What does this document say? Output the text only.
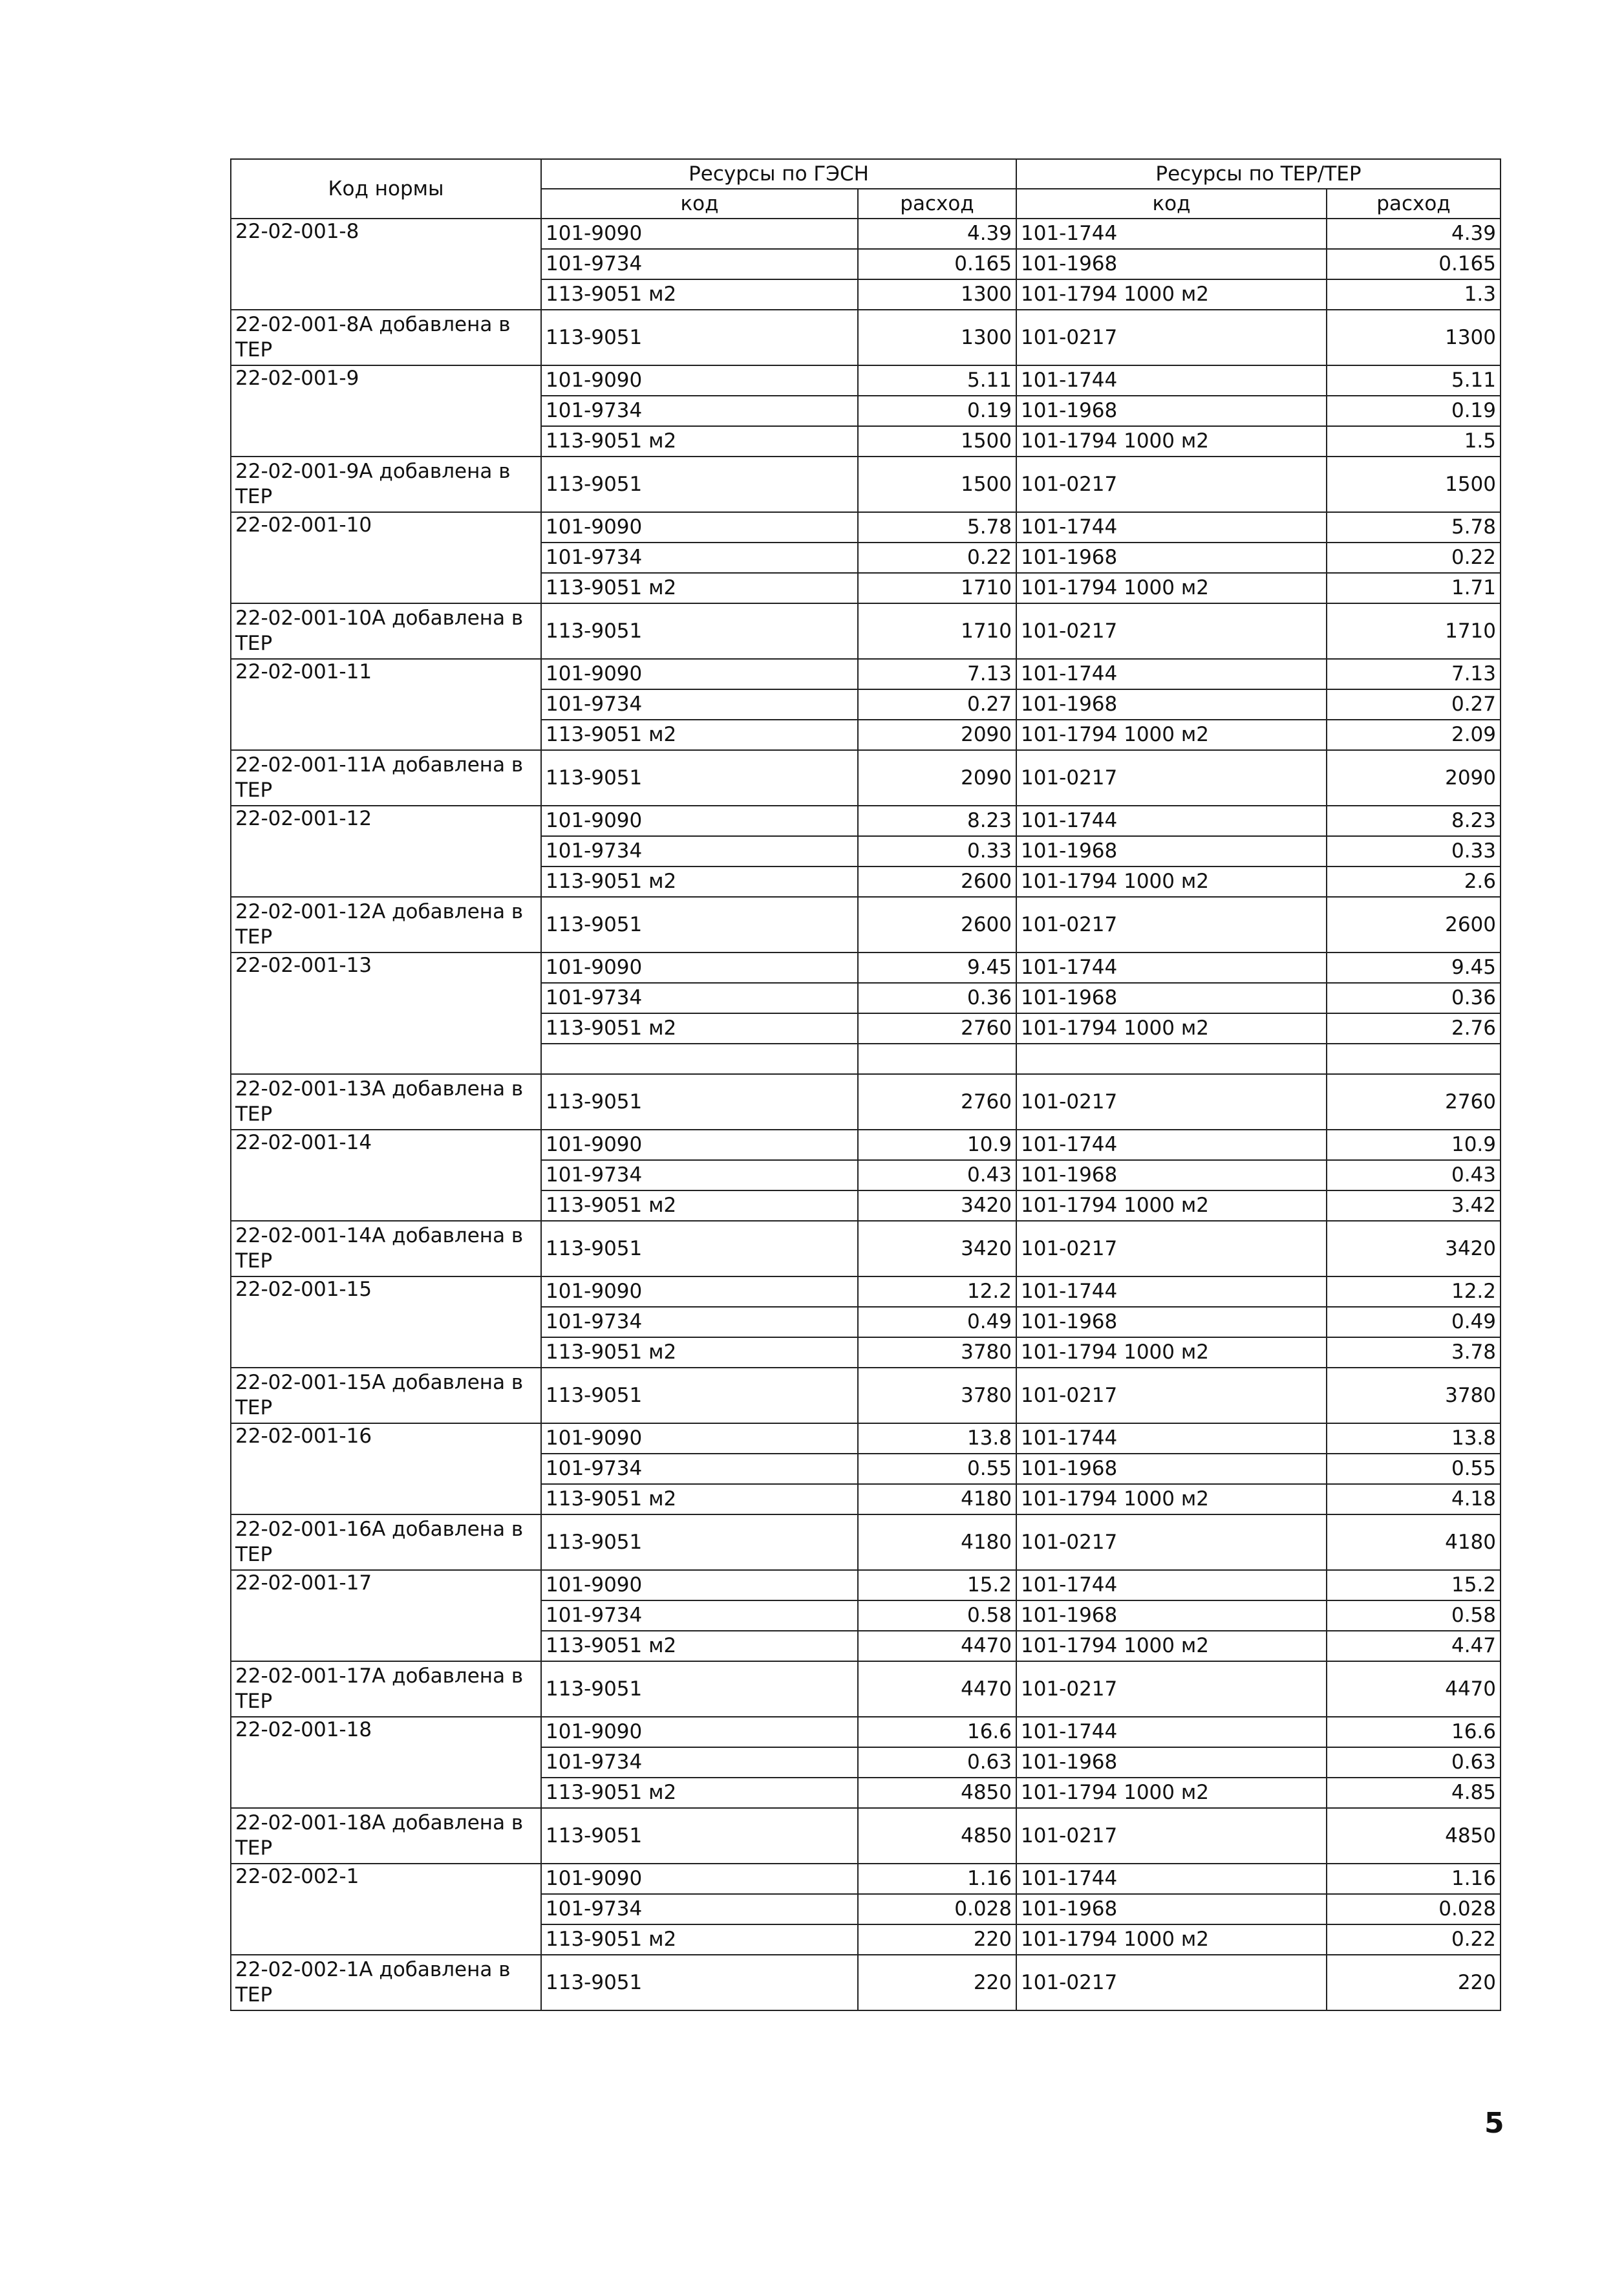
Код нормы	Ресурсы по ГЭСН		Ресурсы по ТЕР/ТЕР	
	код	расход	код	расход
22-02-001-8	101-9090	4.39	101-1744	4.39
	101-9734	0.165	101-1968	0.165
	113-9051 м2	1300	101-1794 1000 м2	1.3
22-02-001-8А добавлена в ТЕР	113-9051	1300	101-0217	1300
22-02-001-9	101-9090	5.11	101-1744	5.11
	101-9734	0.19	101-1968	0.19
	113-9051 м2	1500	101-1794 1000 м2	1.5
22-02-001-9А добавлена в ТЕР	113-9051	1500	101-0217	1500
22-02-001-10	101-9090	5.78	101-1744	5.78
	101-9734	0.22	101-1968	0.22
	113-9051 м2	1710	101-1794 1000 м2	1.71
22-02-001-10А добавлена в ТЕР	113-9051	1710	101-0217	1710
22-02-001-11	101-9090	7.13	101-1744	7.13
	101-9734	0.27	101-1968	0.27
	113-9051 м2	2090	101-1794 1000 м2	2.09
22-02-001-11А добавлена в ТЕР	113-9051	2090	101-0217	2090
22-02-001-12	101-9090	8.23	101-1744	8.23
	101-9734	0.33	101-1968	0.33
	113-9051 м2	2600	101-1794 1000 м2	2.6
22-02-001-12А добавлена в ТЕР	113-9051	2600	101-0217	2600
22-02-001-13	101-9090	9.45	101-1744	9.45
	101-9734	0.36	101-1968	0.36
	113-9051 м2	2760	101-1794 1000 м2	2.76

22-02-001-13А добавлена в ТЕР	113-9051	2760	101-0217	2760
22-02-001-14	101-9090	10.9	101-1744	10.9
	101-9734	0.43	101-1968	0.43
	113-9051 м2	3420	101-1794 1000 м2	3.42
22-02-001-14А добавлена в ТЕР	113-9051	3420	101-0217	3420
22-02-001-15	101-9090	12.2	101-1744	12.2
	101-9734	0.49	101-1968	0.49
	113-9051 м2	3780	101-1794 1000 м2	3.78
22-02-001-15А добавлена в ТЕР	113-9051	3780	101-0217	3780
22-02-001-16	101-9090	13.8	101-1744	13.8
	101-9734	0.55	101-1968	0.55
	113-9051 м2	4180	101-1794 1000 м2	4.18
22-02-001-16А добавлена в ТЕР	113-9051	4180	101-0217	4180
22-02-001-17	101-9090	15.2	101-1744	15.2
	101-9734	0.58	101-1968	0.58
	113-9051 м2	4470	101-1794 1000 м2	4.47
22-02-001-17А добавлена в ТЕР	113-9051	4470	101-0217	4470
22-02-001-18	101-9090	16.6	101-1744	16.6
	101-9734	0.63	101-1968	0.63
	113-9051 м2	4850	101-1794 1000 м2	4.85
22-02-001-18А добавлена в ТЕР	113-9051	4850	101-0217	4850
22-02-002-1	101-9090	1.16	101-1744	1.16
	101-9734	0.028	101-1968	0.028
	113-9051 м2	220	101-1794 1000 м2	0.22
22-02-002-1А добавлена в ТЕР	113-9051	220	101-0217	220
5
